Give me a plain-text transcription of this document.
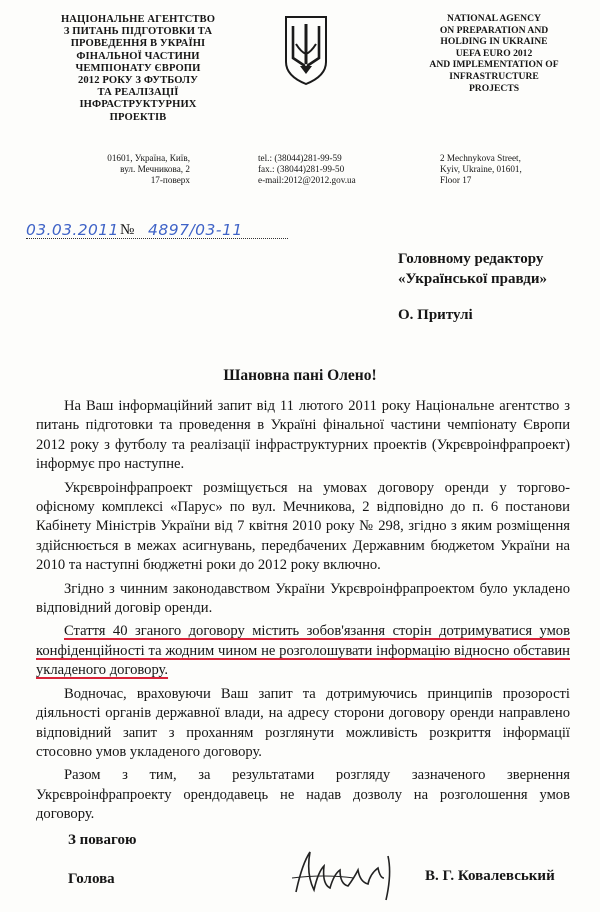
НАЦІОНАЛЬНЕ АГЕНТСТВО
З ПИТАНЬ ПІДГОТОВКИ ТА
ПРОВЕДЕННЯ В УКРАЇНІ
ФІНАЛЬНОЇ ЧАСТИНИ
ЧЕМПІОНАТУ ЄВРОПИ
2012 РОКУ З ФУТБОЛУ
ТА РЕАЛІЗАЦІЇ
ІНФРАСТРУКТУРНИХ
ПРОЕКТІВ
01601, Україна, Київ,
вул. Мечникова, 2
17-поверх
tel.: (38044)281-99-59
fax.: (38044)281-99-50
e-mail:2012@2012.gov.ua
NATIONAL AGENCY
ON PREPARATION AND
HOLDING IN UKRAINE
UEFA EURO 2012
AND IMPLEMENTATION OF
INFRASTRUCTURE
PROJECTS
2 Mechnykova Street,
Kyiv, Ukraine, 01601,
Floor 17
03.03.2011 № 4897/03-11
Головному редактору
«Української правди»
О. Притулі
Шановна пані Олено!

На Ваш інформаційний запит від 11 лютого 2011 року Національне агентство з питань підготовки та проведення в Україні фінальної частини чемпіонату Європи 2012 року з футболу та реалізації інфраструктурних проектів (Укрєвроінфрапроект) інформує про наступне.

Укрєвроінфрапроект розміщується на умовах договору оренди у торгово-офісному комплексі «Парус» по вул. Мечникова, 2 відповідно до п. 6 постанови Кабінету Міністрів України від 7 квітня 2010 року № 298, згідно з яким розміщення здійснюється в межах асигнувань, передбачених Державним бюджетом України на 2010 та наступні бюджетні роки до 2012 року включно.

Згідно з чинним законодавством України Укрєвроінфрапроектом було укладено відповідний договір оренди.

Стаття 40 зганого договору містить зобов'язання сторін дотримуватися умов конфіденційності та жодним чином не розголошувати інформацію відносно обставин укладеного договору.

Водночас, враховуючи Ваш запит та дотримуючись принципів прозорості діяльності органів державної влади, на адресу сторони договору оренди направлено відповідний запит з проханням розглянути можливість розкриття інформації стосовно умов укладеного договору.

Разом з тим, за результатами розгляду зазначеного звернення Укрєвроінфрапроекту орендодавець не надав дозволу на розголошення умов договору.

З повагою
Голова	В. Г. Ковалевський
